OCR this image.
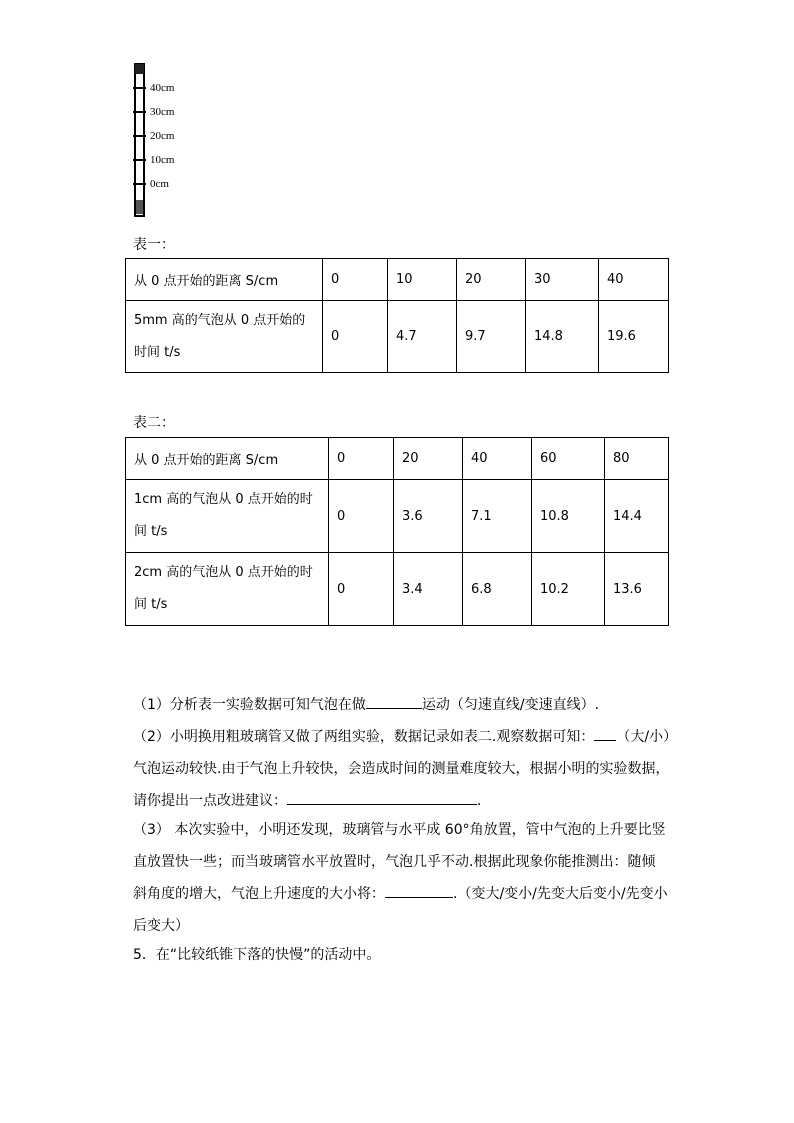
40cm
30cm
20cm
10cm
0cm
表一：
从 0 点开始的距离 S/cm	0	10	20	30	40

5mm 高的气泡从 0 点开始的
时间 t/s	0	4.7	9.7	14.8	19.6
表二：
从 0 点开始的距离 S/cm	0	20	40	60	80

1cm 高的气泡从 0 点开始的时
间 t/s	0	3.6	7.1	10.8	14.4

2cm 高的气泡从 0 点开始的时
间 t/s	0	3.4	6.8	10.2	13.6
（1）分析表一实验数据可知气泡在做	运动（匀速直线/变速直线）.
（2）小明换用粗玻璃管又做了两组实验，数据记录如表二.观察数据可知： （大/小）
气泡运动较快.由于气泡上升较快，会造成时间的测量难度较大，根据小明的实验数据，
请你提出一点改进建议：	.
（3） 本次实验中，小明还发现，玻璃管与水平成 60°角放置，管中气泡的上升要比竖
直放置快一些；而当玻璃管水平放置时，气泡几乎不动.根据此现象你能推测出：随倾
斜角度的增大，气泡上升速度的大小将：	.（变大/变小/先变大后变小/先变小
后变大）
5．在“比较纸锥下落的快慢”的活动中。
